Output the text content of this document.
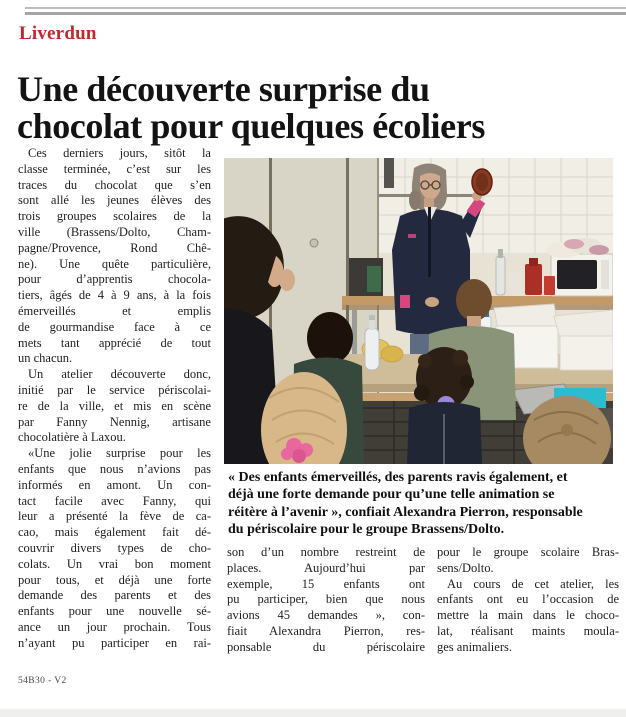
Liverdun
Une découverte surprise du
chocolat pour quelques écoliers
Ces derniers jours, sitôt la
classe terminée, c’est sur les
traces du chocolat que s’en
sont allé les jeunes élèves des
trois groupes scolaires de la
ville (Brassens/Dolto, Cham-
pagne/Provence, Rond Chê-
ne). Une quête particulière,
pour d’apprentis chocola-
tiers, âgés de 4 à 9 ans, à la fois
émerveillés et emplis
de gourmandise face à ce
mets tant apprécié de tout
un chacun.
Un atelier découverte donc,
initié par le service périscolai-
re de la ville, et mis en scène
par Fanny Nennig, artisane
chocolatière à Laxou.
«Une jolie surprise pour les
enfants que nous n’avions pas
informés en amont. Un con-
tact facile avec Fanny, qui
leur a présenté la fève de ca-
cao, mais également fait dé-
couvrir divers types de cho-
colats. Un vrai bon moment
pour tous, et déjà une forte
demande des parents et des
enfants pour une nouvelle sé-
ance un jour prochain. Tous
n’ayant pu participer en rai-
« Des enfants émerveillés, des parents ravis également, et
déjà une forte demande pour qu’une telle animation se
réitère à l’avenir », confiait Alexandra Pierron, responsable
du périscolaire pour le groupe Brassens/Dolto.
son d’un nombre restreint de
places. Aujourd’hui par
exemple, 15 enfants ont
pu participer, bien que nous
avions 45 demandes », con-
fiait Alexandra Pierron, res-
ponsable du périscolaire
pour le groupe scolaire Bras-
sens/Dolto.
Au cours de cet atelier, les
enfants ont eu l’occasion de
mettre la main dans le choco-
lat, réalisant maints moula-
ges animaliers.
54B30 - V2
